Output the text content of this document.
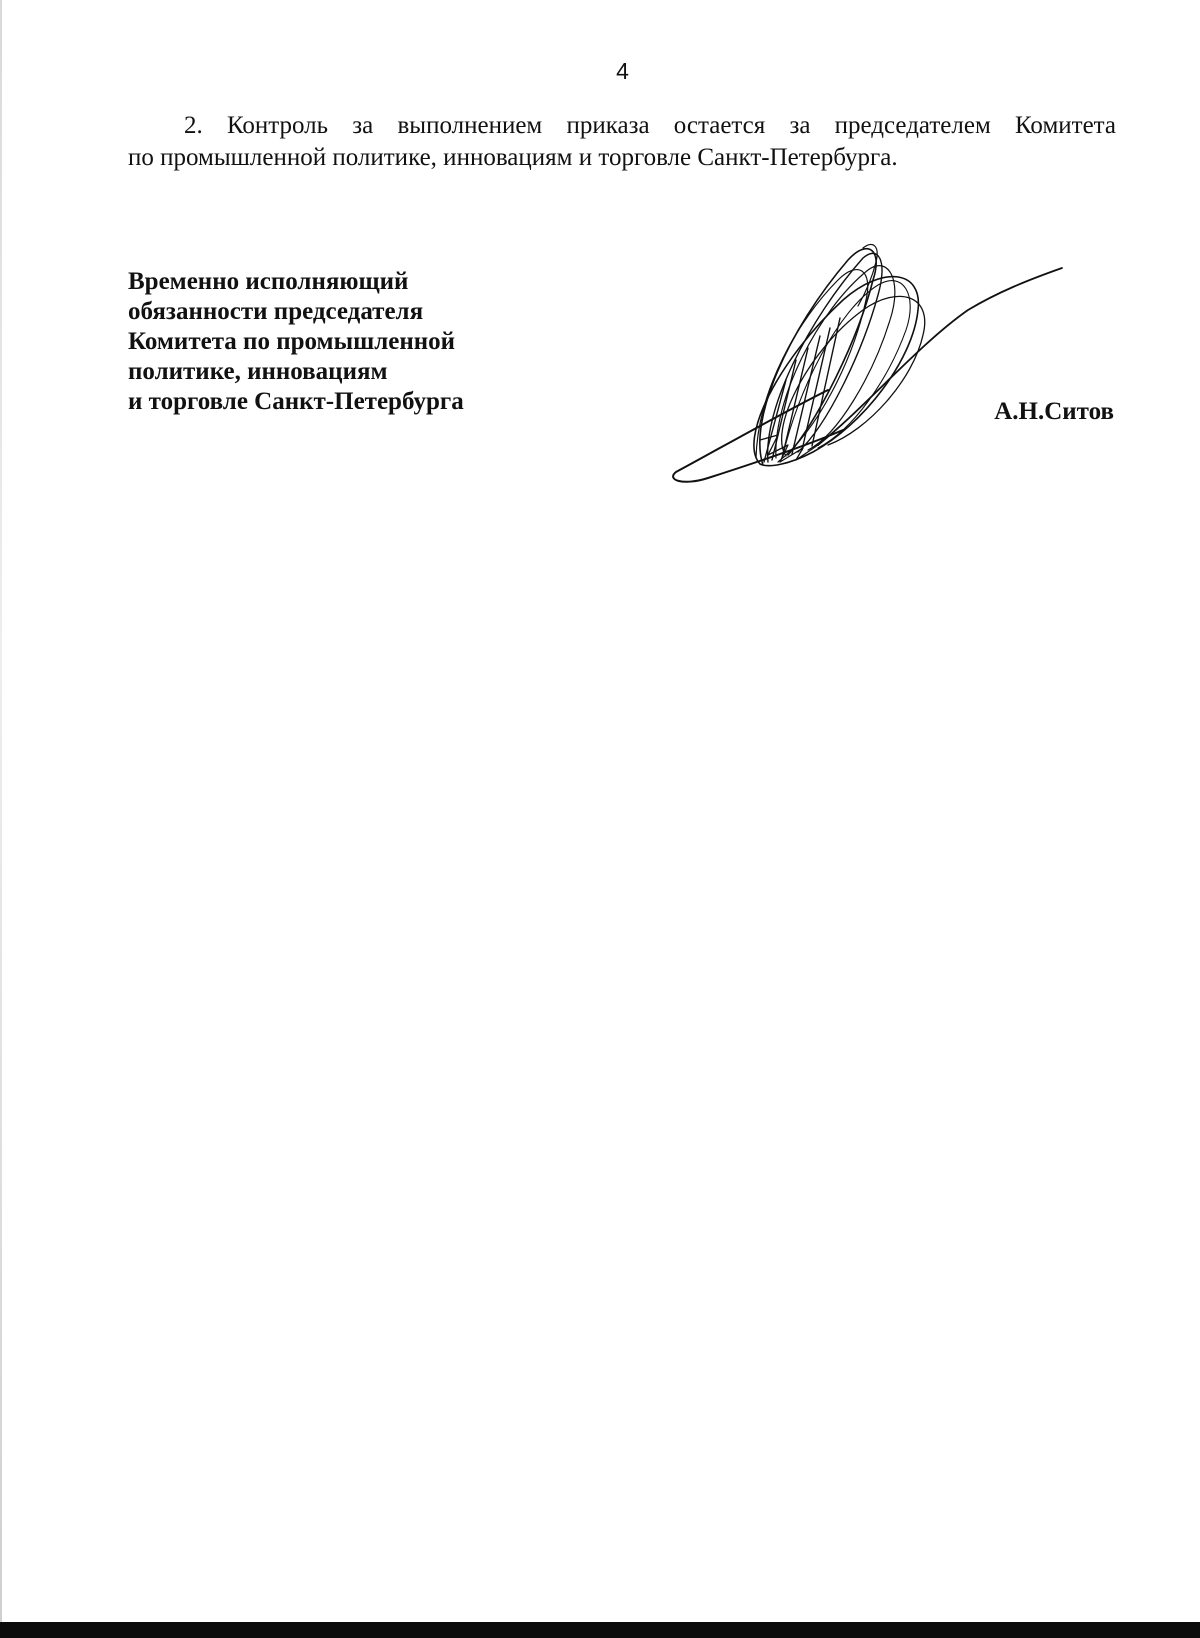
4
2. Контроль за выполнением приказа остается за председателем Комитета
по промышленной политике, инновациям и торговле Санкт-Петербурга.
Временно исполняющий
обязанности председателя
Комитета по промышленной
политике, инновациям
и торговле Санкт-Петербурга	А.Н.Ситов
